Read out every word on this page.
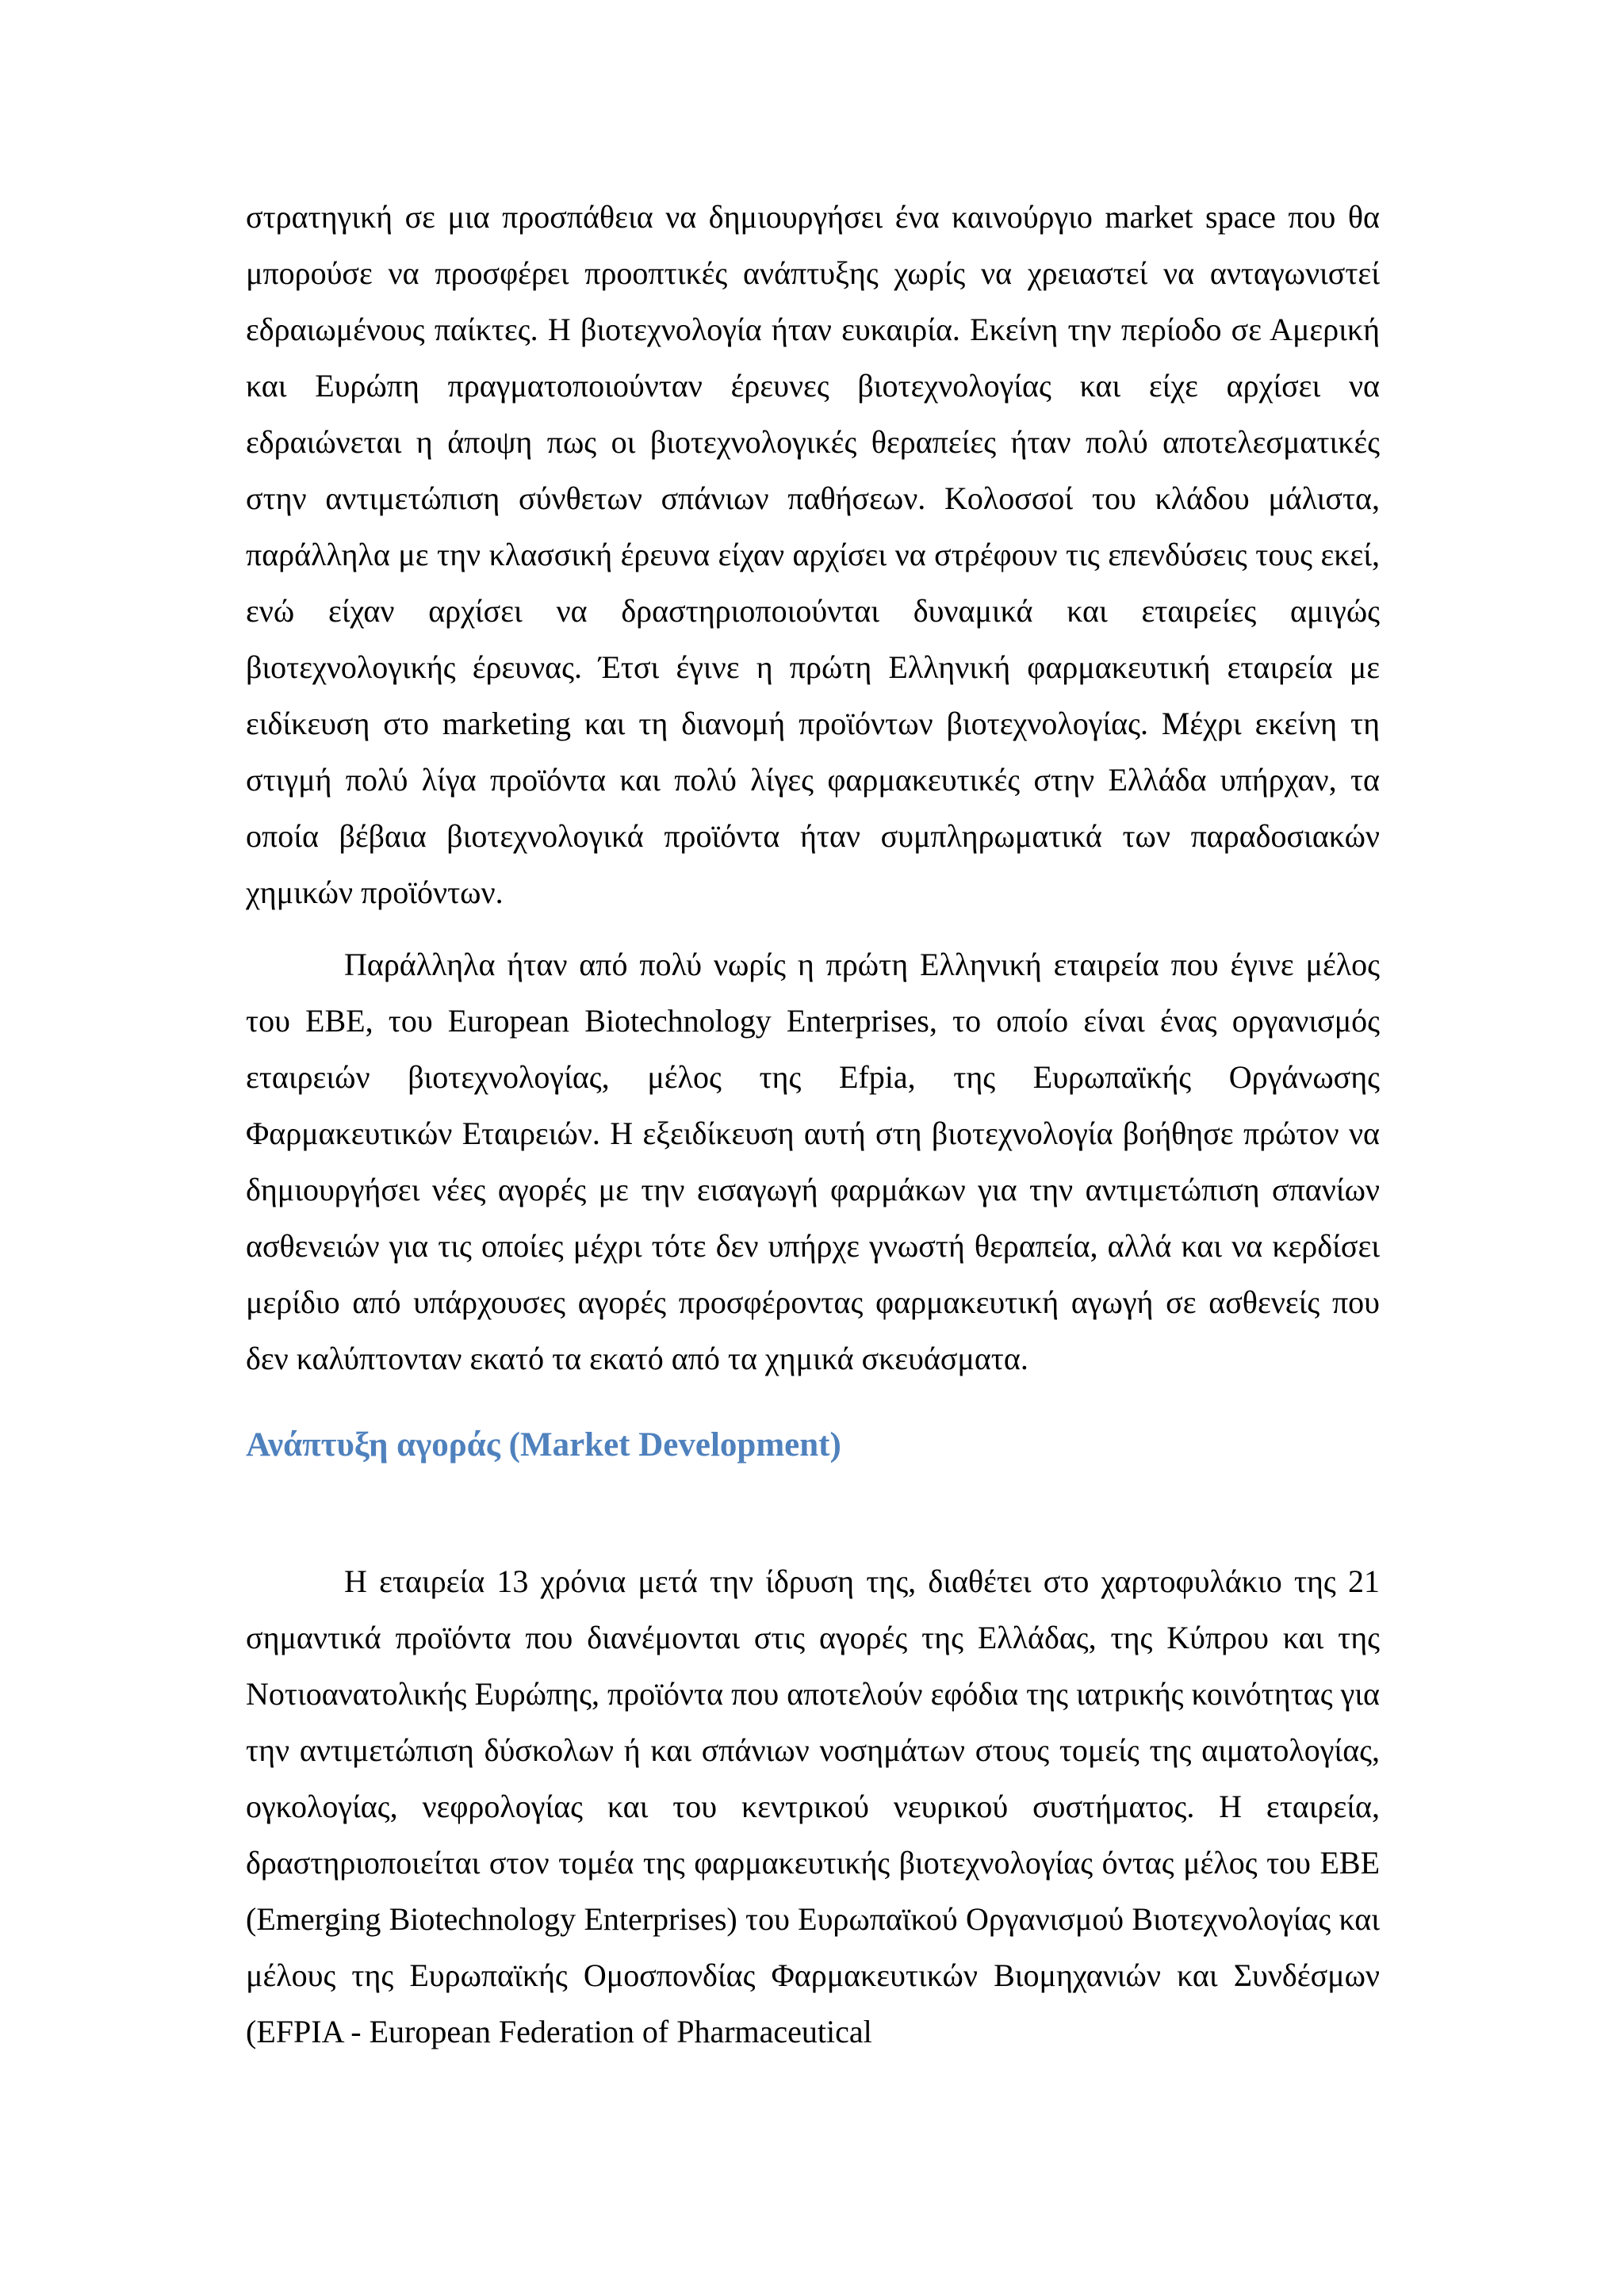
στρατηγική σε μια προσπάθεια να δημιουργήσει ένα καινούργιο market space που θα μπορούσε να προσφέρει προοπτικές ανάπτυξης χωρίς να χρειαστεί να ανταγωνιστεί εδραιωμένους παίκτες. Η βιοτεχνολογία ήταν ευκαιρία. Εκείνη την περίοδο σε Αμερική και Ευρώπη πραγματοποιούνταν έρευνες βιοτεχνολογίας και είχε αρχίσει να εδραιώνεται η άποψη πως οι βιοτεχνολογικές θεραπείες ήταν πολύ αποτελεσματικές στην αντιμετώπιση σύνθετων σπάνιων παθήσεων. Κολοσσοί του κλάδου μάλιστα, παράλληλα με την κλασσική έρευνα είχαν αρχίσει να στρέφουν τις επενδύσεις τους εκεί, ενώ είχαν αρχίσει να δραστηριοποιούνται δυναμικά και εταιρείες αμιγώς βιοτεχνολογικής έρευνας. Έτσι έγινε η πρώτη Ελληνική φαρμακευτική εταιρεία με ειδίκευση στο marketing και τη διανομή προϊόντων βιοτεχνολογίας. Μέχρι εκείνη τη στιγμή πολύ λίγα προϊόντα και πολύ λίγες φαρμακευτικές στην Ελλάδα υπήρχαν, τα οποία βέβαια βιοτεχνολογικά προϊόντα ήταν συμπληρωματικά των παραδοσιακών χημικών προϊόντων.

Παράλληλα ήταν από πολύ νωρίς η πρώτη Ελληνική εταιρεία που έγινε μέλος του EBE, του European Biotechnology Enterprises, το οποίο είναι ένας οργανισμός εταιρειών βιοτεχνολογίας, μέλος της Efpia, της Ευρωπαϊκής Οργάνωσης Φαρμακευτικών Εταιρειών. Η εξειδίκευση αυτή στη βιοτεχνολογία βοήθησε πρώτον να δημιουργήσει νέες αγορές με την εισαγωγή φαρμάκων για την αντιμετώπιση σπανίων ασθενειών για τις οποίες μέχρι τότε δεν υπήρχε γνωστή θεραπεία, αλλά και να κερδίσει μερίδιο από υπάρχουσες αγορές προσφέροντας φαρμακευτική αγωγή σε ασθενείς που δεν καλύπτονταν εκατό τα εκατό από τα χημικά σκευάσματα.

Ανάπτυξη αγοράς (Market Development)

Η εταιρεία 13 χρόνια μετά την ίδρυση της, διαθέτει στο χαρτοφυλάκιο της 21 σημαντικά προϊόντα που διανέμονται στις αγορές της Ελλάδας, της Κύπρου και της Νοτιοανατολικής Ευρώπης, προϊόντα που αποτελούν εφόδια της ιατρικής κοινότητας για την αντιμετώπιση δύσκολων ή και σπάνιων νοσημάτων στους τομείς της αιματολογίας, ογκολογίας, νεφρολογίας και του κεντρικού νευρικού συστήματος. Η εταιρεία, δραστηριοποιείται στον τομέα της φαρμακευτικής βιοτεχνολογίας όντας μέλος του EBE (Emerging Biotechnology Enterprises) του Ευρωπαϊκού Οργανισμού Βιοτεχνολογίας και μέλους της Ευρωπαϊκής Ομοσπονδίας Φαρμακευτικών Βιομηχανιών και Συνδέσμων (EFPIA - European Federation of Pharmaceutical
